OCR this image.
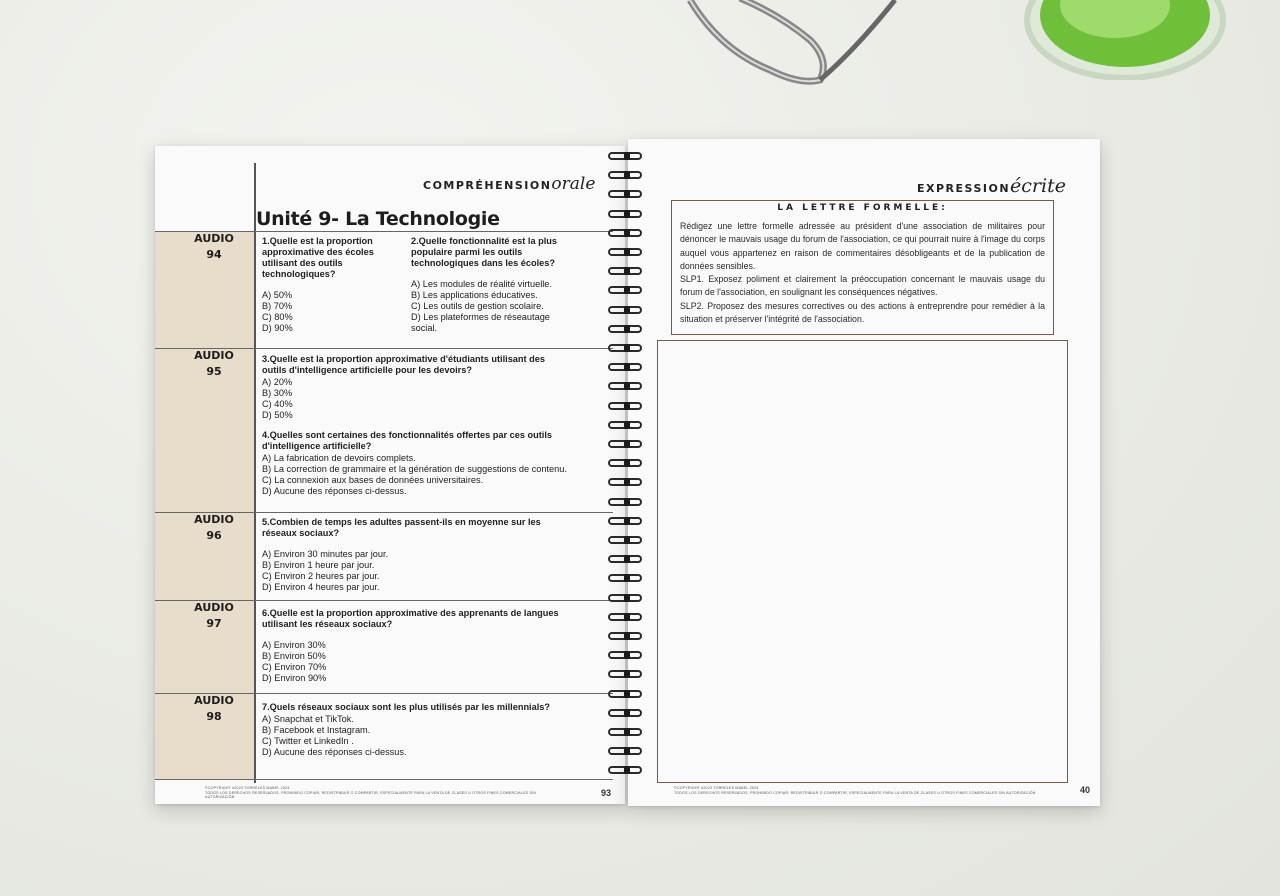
COMPRÉHENSIONorale
Unité 9- La Technologie
AUDIO
94
AUDIO
95
AUDIO
96
AUDIO
97
AUDIO
98
1.Quelle est la proportion approximative des écoles utilisant des outils technologiques?
A) 50%
B) 70%
C) 80%
D) 90%
2.Quelle fonctionnalité est la plus populaire parmi les outils technologiques dans les écoles?
A) Les modules de réalité virtuelle.
B) Les applications éducatives.
C) Les outils de gestion scolaire.
D) Les plateformes de réseautage social.
3.Quelle est la proportion approximative d'étudiants utilisant des outils d'intelligence artificielle pour les devoirs?
A) 20%
B) 30%
C) 40%
D) 50%
4.Quelles sont certaines des fonctionnalités offertes par ces outils d'intelligence artificielle?
A) La fabrication de devoirs complets.
B) La correction de grammaire et la génération de suggestions de contenu.
C) La connexion aux bases de données universitaires.
D) Aucune des réponses ci-dessus.
5.Combien de temps les adultes passent-ils en moyenne sur les réseaux sociaux?
A) Environ 30 minutes par jour.
B) Environ 1 heure par jour.
C) Environ 2 heures par jour.
D) Environ 4 heures par jour.
6.Quelle est la proportion approximative des apprenants de langues utilisant les réseaux sociaux?
A) Environ 30%
B) Environ 50%
C) Environ 70%
D) Environ 90%
7.Quels réseaux sociaux sont les plus utilisés par les millennials?
A) Snapchat et TikTok.
B) Facebook et Instagram.
C) Twitter et LinkedIn .
D) Aucune des réponses ci-dessus.
©COPYRIGHT #2023 TORRELES MABEL 2024
TODOS LOS DERECHOS RESERVADOS. PROHIBIDO COPIAR, REDISTRIBUIR O COMPARTIR, ESPECIALMENTE PARA LA VENTA DE CLASES U OTROS FINES COMERCIALES SIN AUTORIZACIÓN	93
EXPRESSIONécrite
LA LETTRE FORMELLE:
Rédigez une lettre formelle adressée au président d'une association de militaires pour dénoncer le mauvais usage du forum de l'association, ce qui pourrait nuire à l'image du corps auquel vous appartenez en raison de commentaires désobligeants et de la publication de données sensibles.
SLP1. Exposez poliment et clairement la préoccupation concernant le mauvais usage du forum de l'association, en soulignant les conséquences négatives.
SLP2. Proposez des mesures correctives ou des actions à entreprendre pour remédier à la situation et préserver l'intégrité de l'association.
©COPYRIGHT #2023 TORRELES MABEL 2024
TODOS LOS DERECHOS RESERVADOS. PROHIBIDO COPIAR, REDISTRIBUIR O COMPARTIR, ESPECIALMENTE PARA LA VENTA DE CLASES U OTROS FINES COMERCIALES SIN AUTORIZACIÓN	40
